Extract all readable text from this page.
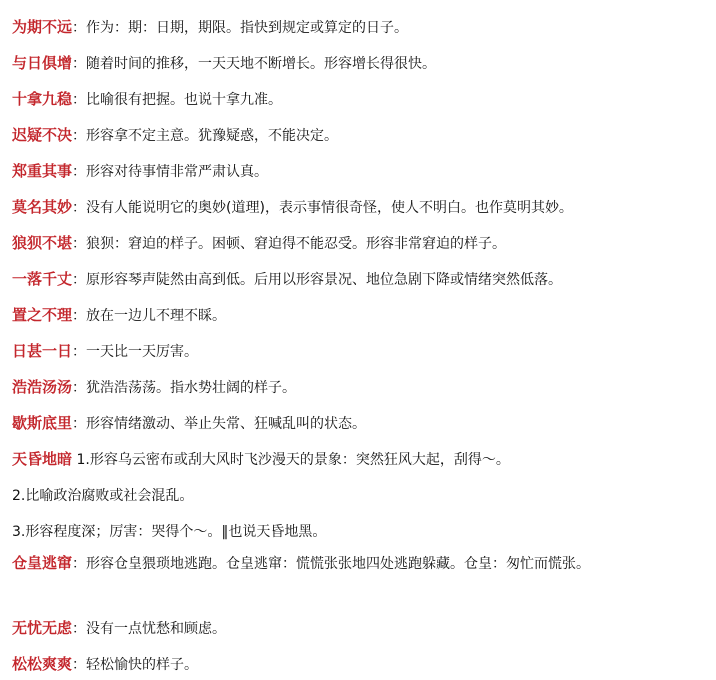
为期不远：作为：期：日期，期限。指快到规定或算定的日子。
与日俱增：随着时间的推移，一天天地不断增长。形容增长得很快。
十拿九稳：比喻很有把握。也说十拿九准。
迟疑不决：形容拿不定主意。犹豫疑惑，不能决定。
郑重其事：形容对待事情非常严肃认真。
莫名其妙：没有人能说明它的奥妙(道理)，表示事情很奇怪，使人不明白。也作莫明其妙。
狼狈不堪：狼狈：窘迫的样子。困顿、窘迫得不能忍受。形容非常窘迫的样子。
一落千丈：原形容琴声陡然由高到低。后用以形容景况、地位急剧下降或情绪突然低落。
置之不理：放在一边儿不理不睬。
日甚一日：一天比一天厉害。
浩浩汤汤：犹浩浩荡荡。指水势壮阔的样子。
歇斯底里：形容情绪激动、举止失常、狂喊乱叫的状态。
天昏地暗 1.形容乌云密布或刮大风时飞沙漫天的景象：突然狂风大起，刮得～。
2.比喻政治腐败或社会混乱。
3.形容程度深；厉害：哭得个～。‖也说天昏地黑。
仓皇逃窜：形容仓皇猥琐地逃跑。仓皇逃窜：慌慌张张地四处逃跑躲藏。仓皇：匆忙而慌张。
无忧无虑：没有一点忧愁和顾虑。
松松爽爽：轻松愉快的样子。
